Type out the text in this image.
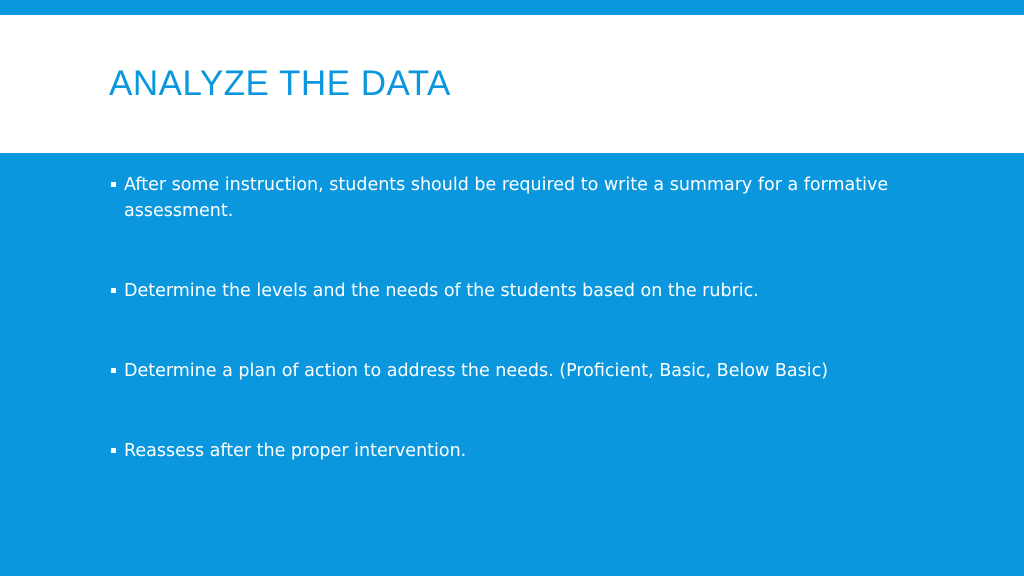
ANALYZE THE DATA
▪ After some instruction, students should be required to write a summary for a formative assessment.
▪ Determine the levels and the needs of the students based on the rubric.
▪ Determine a plan of action to address the needs. (Proficient, Basic, Below Basic)
▪ Reassess after the proper intervention.
